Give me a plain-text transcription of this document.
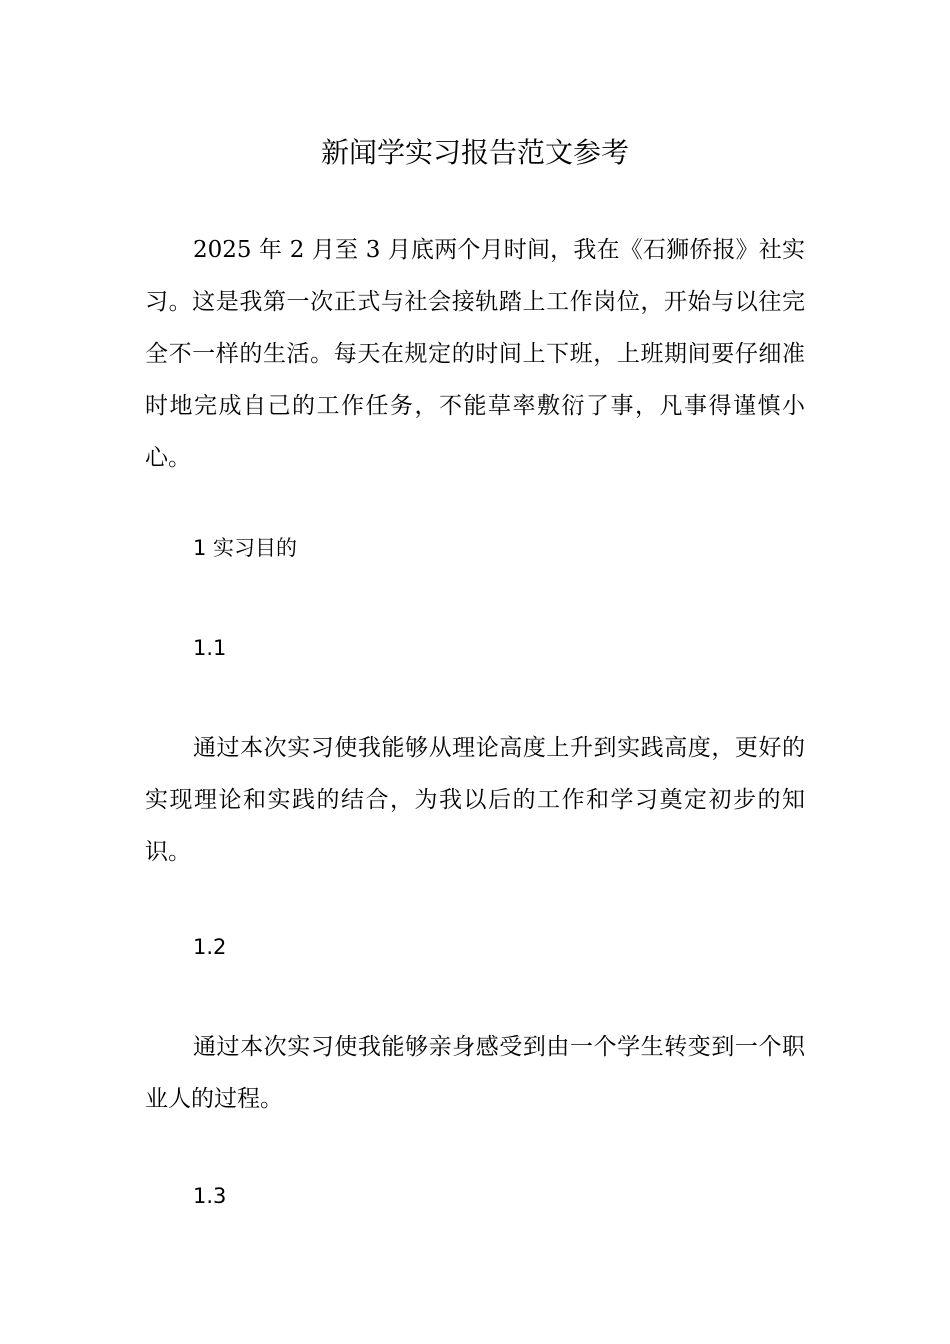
新闻学实习报告范文参考

2025 年 2 月至 3 月底两个月时间，我在《石狮侨报》社实习。这是我第一次正式与社会接轨踏上工作岗位，开始与以往完全不一样的生活。每天在规定的时间上下班，上班期间要仔细准时地完成自己的工作任务，不能草率敷衍了事，凡事得谨慎小心。

1 实习目的
1.1

通过本次实习使我能够从理论高度上升到实践高度，更好的实现理论和实践的结合，为我以后的工作和学习奠定初步的知识。

1.2

通过本次实习使我能够亲身感受到由一个学生转变到一个职业人的过程。

1.3
